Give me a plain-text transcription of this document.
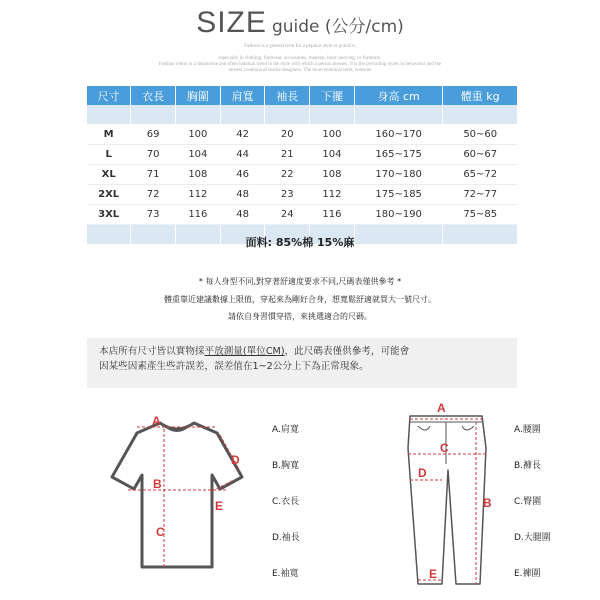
SIZE guide (公分/cm)
Fashion is a general term for a popular style or practice,
especially in clothing, footwear, accessories, makeup, body piercing, or furniture.
Fashion refers to a distinctive and often habitual trend in the style with which a person dresses. It is the prevailing styles in behaviour and the
newest creations of textile designers. The more technical term, costume
尺寸	衣長	胸圍	肩寬	袖長	下擺	身高 cm	體重 kg

M	69	100	42	20	100	160~170	50~60
L	70	104	44	21	104	165~175	60~67
XL	71	108	46	22	108	170~180	65~72
2XL	72	112	48	23	112	175~185	72~77
3XL	73	116	48	24	116	180~190	75~85

面料: 85%棉 15%麻
* 每人身型不同,對穿著舒適度要求不同,尺碼表僅供參考 *
體重靠近建議數據上限值，穿起來為剛好合身，想寬鬆舒適就買大一號尺寸。
請依自身習慣穿搭，來挑選適合的尺碼。
本店所有尺寸皆以實物採平放測量(單位CM)，此尺碼表僅供參考，可能會
因某些因素產生些許誤差，誤差值在1~2公分上下為正常現象。
A
B
C
D
E
A.肩寬
B.胸寬
C.衣長
D.袖長
E.袖寬
A
B
C
D
E
A.腰圍
B.褲長
C.臀圍
D.大腿圍
E.褲圍
